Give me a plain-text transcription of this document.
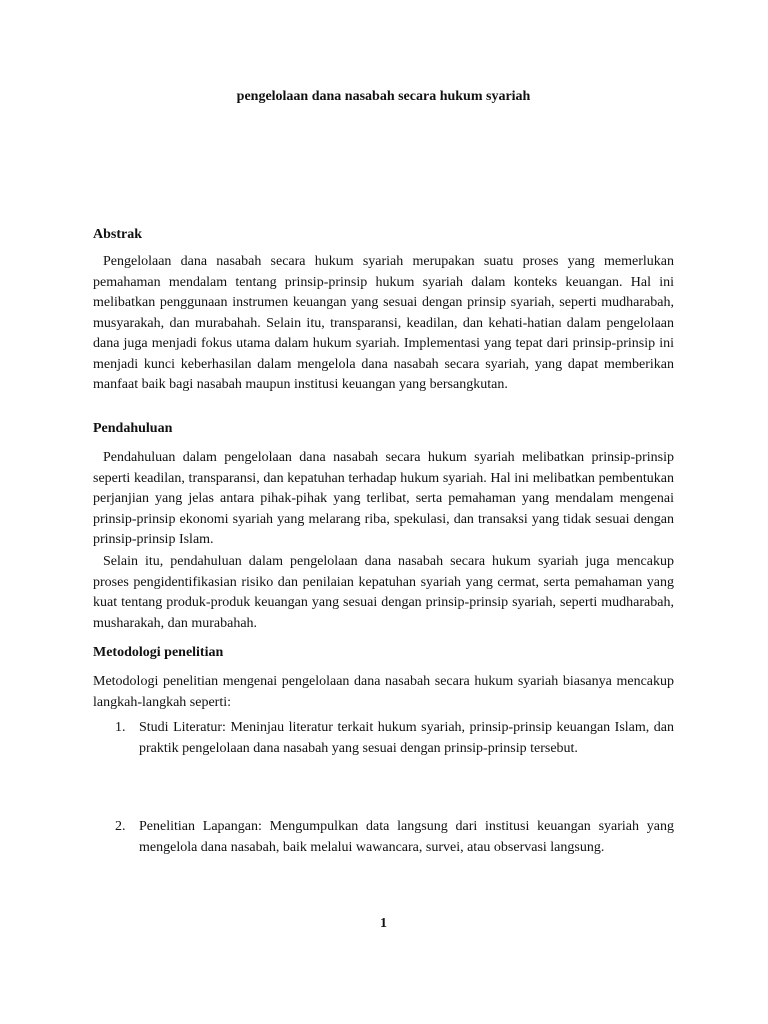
pengelolaan dana nasabah secara hukum syariah
Abstrak

Pengelolaan dana nasabah secara hukum syariah merupakan suatu proses yang memerlukan pemahaman mendalam tentang prinsip-prinsip hukum syariah dalam konteks keuangan. Hal ini melibatkan penggunaan instrumen keuangan yang sesuai dengan prinsip syariah, seperti mudharabah, musyarakah, dan murabahah. Selain itu, transparansi, keadilan, dan kehati-hatian dalam pengelolaan dana juga menjadi fokus utama dalam hukum syariah. Implementasi yang tepat dari prinsip-prinsip ini menjadi kunci keberhasilan dalam mengelola dana nasabah secara syariah, yang dapat memberikan manfaat baik bagi nasabah maupun institusi keuangan yang bersangkutan.

Pendahuluan

Pendahuluan dalam pengelolaan dana nasabah secara hukum syariah melibatkan prinsip-prinsip seperti keadilan, transparansi, dan kepatuhan terhadap hukum syariah. Hal ini melibatkan pembentukan perjanjian yang jelas antara pihak-pihak yang terlibat, serta pemahaman yang mendalam mengenai prinsip-prinsip ekonomi syariah yang melarang riba, spekulasi, dan transaksi yang tidak sesuai dengan prinsip-prinsip Islam.

Selain itu, pendahuluan dalam pengelolaan dana nasabah secara hukum syariah juga mencakup proses pengidentifikasian risiko dan penilaian kepatuhan syariah yang cermat, serta pemahaman yang kuat tentang produk-produk keuangan yang sesuai dengan prinsip-prinsip syariah, seperti mudharabah, musharakah, dan murabahah.

Metodologi penelitian

Metodologi penelitian mengenai pengelolaan dana nasabah secara hukum syariah biasanya mencakup langkah-langkah seperti:

1. Studi Literatur: Meninjau literatur terkait hukum syariah, prinsip-prinsip keuangan Islam, dan praktik pengelolaan dana nasabah yang sesuai dengan prinsip-prinsip tersebut.

2. Penelitian Lapangan: Mengumpulkan data langsung dari institusi keuangan syariah yang mengelola dana nasabah, baik melalui wawancara, survei, atau observasi langsung.

1
